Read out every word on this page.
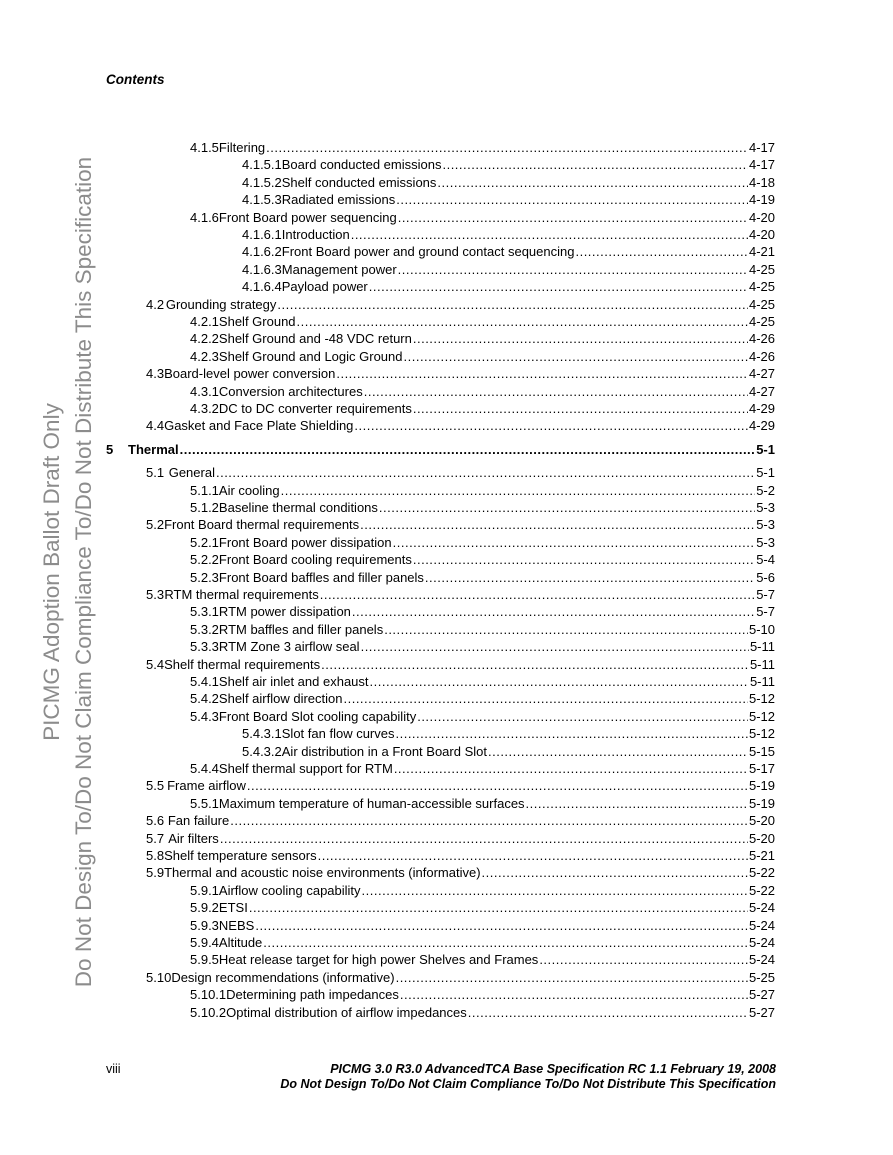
Contents
PICMG Adoption Ballot Draft Only Do Not Design To/Do Not Claim Compliance To/Do Not Distribute This Specification
4.1.5 Filtering .....	4-17
4.1.5.1 Board conducted emissions .....	4-17
4.1.5.2 Shelf conducted emissions .....	4-18
4.1.5.3 Radiated emissions .....	4-19
4.1.6 Front Board power sequencing .....	4-20
4.1.6.1 Introduction .....	4-20
4.1.6.2 Front Board power and ground contact sequencing .....	4-21
4.1.6.3 Management power .....	4-25
4.1.6.4 Payload power .....	4-25
4.2 Grounding strategy .....	4-25
4.2.1 Shelf Ground .....	4-25
4.2.2 Shelf Ground and -48 VDC return .....	4-26
4.2.3 Shelf Ground and Logic Ground .....	4-26
4.3 Board-level power conversion .....	4-27
4.3.1 Conversion architectures .....	4-27
4.3.2 DC to DC converter requirements .....	4-29
4.4 Gasket and Face Plate Shielding .....	4-29
5	Thermal .....	5-1
5.1 General .....	5-1
5.1.1 Air cooling .....	5-2
5.1.2 Baseline thermal conditions .....	5-3
5.2 Front Board thermal requirements .....	5-3
5.2.1 Front Board power dissipation .....	5-3
5.2.2 Front Board cooling requirements .....	5-4
5.2.3 Front Board baffles and filler panels .....	5-6
5.3 RTM thermal requirements .....	5-7
5.3.1 RTM power dissipation .....	5-7
5.3.2 RTM baffles and filler panels .....	5-10
5.3.3 RTM Zone 3 airflow seal .....	5-11
5.4 Shelf thermal requirements .....	5-11
5.4.1 Shelf air inlet and exhaust .....	5-11
5.4.2 Shelf airflow direction .....	5-12
5.4.3 Front Board Slot cooling capability .....	5-12
5.4.3.1 Slot fan flow curves .....	5-12
5.4.3.2 Air distribution in a Front Board Slot .....	5-15
5.4.4 Shelf thermal support for RTM .....	5-17
5.5 Frame airflow .....	5-19
5.5.1 Maximum temperature of human-accessible surfaces .....	5-19
5.6 Fan failure .....	5-20
5.7 Air filters .....	5-20
5.8 Shelf temperature sensors .....	5-21
5.9 Thermal and acoustic noise environments (informative) .....	5-22
5.9.1 Airflow cooling capability .....	5-22
5.9.2 ETSI .....	5-24
5.9.3 NEBS .....	5-24
5.9.4 Altitude .....	5-24
5.9.5 Heat release target for high power Shelves and Frames .....	5-24
5.10 Design recommendations (informative) .....	5-25
5.10.1 Determining path impedances .....	5-27
5.10.2 Optimal distribution of airflow impedances .....	5-27
viii	PICMG 3.0 R3.0 AdvancedTCA Base Specification RC 1.1 February 19, 2008
Do Not Design To/Do Not Claim Compliance To/Do Not Distribute This Specification
